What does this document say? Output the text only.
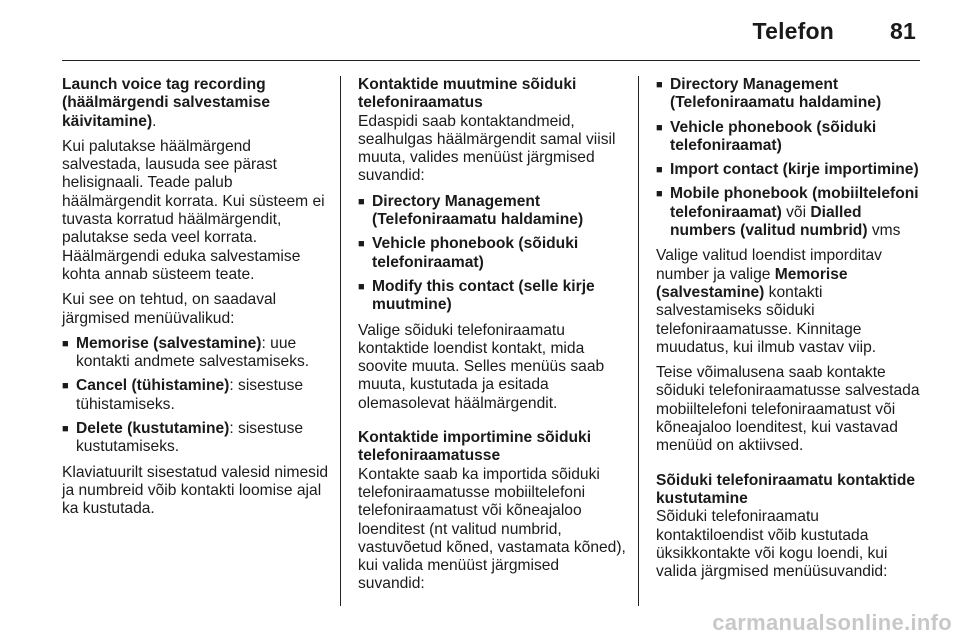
Telefon 81

Launch voice tag recording (häälmärgendi salvestamise käivitamine).

Kui palutakse häälmärgend salvestada, lausuda see pärast helisignaali. Teade palub häälmärgendit korrata. Kui süsteem ei tuvasta korratud häälmärgendit, palutakse seda veel korrata. Häälmärgendi eduka salvestamise kohta annab süsteem teate.

Kui see on tehtud, on saadaval järgmised menüüvalikud:

■ Memorise (salvestamine): uue kontakti andmete salvestamiseks.
■ Cancel (tühistamine): sisestuse tühistamiseks.
■ Delete (kustutamine): sisestuse kustutamiseks.

Klaviatuurilt sisestatud valesid nimesid ja numbreid võib kontakti loomise ajal ka kustutada.

Kontaktide muutmine sõiduki telefoniraamatus

Edaspidi saab kontaktandmeid, sealhulgas häälmärgendit samal viisil muuta, valides menüüst järgmised suvandid:

■ Directory Management (Telefoniraamatu haldamine)
■ Vehicle phonebook (sõiduki telefoniraamat)
■ Modify this contact (selle kirje muutmine)

Valige sõiduki telefoniraamatu kontaktide loendist kontakt, mida soovite muuta. Selles menüüs saab muuta, kustutada ja esitada olemasolevat häälmärgendit.

Kontaktide importimine sõiduki telefoniraamatusse

Kontakte saab ka importida sõiduki telefoniraamatusse mobiiltelefoni telefoniraamatust või kõneajaloo loenditest (nt valitud numbrid, vastuvõetud kõned, vastamata kõned), kui valida menüüst järgmised suvandid:

■ Directory Management (Telefoniraamatu haldamine)
■ Vehicle phonebook (sõiduki telefoniraamat)
■ Import contact (kirje importimine)
■ Mobile phonebook (mobiiltelefoni telefoniraamat) või Dialled numbers (valitud numbrid) vms

Valige valitud loendist imporditav number ja valige Memorise (salvestamine) kontakti salvestamiseks sõiduki telefoniraamatusse. Kinnitage muudatus, kui ilmub vastav viip.

Teise võimalusena saab kontakte sõiduki telefoniraamatusse salvestada mobiiltelefoni telefoniraamatust või kõneajaloo loenditest, kui vastavad menüüd on aktiivsed.

Sõiduki telefoniraamatu kontaktide kustutamine

Sõiduki telefoniraamatu kontaktiloendist võib kustutada üksikkontakte või kogu loendi, kui valida järgmised menüüsuvandid:

carmanualsonline.info
